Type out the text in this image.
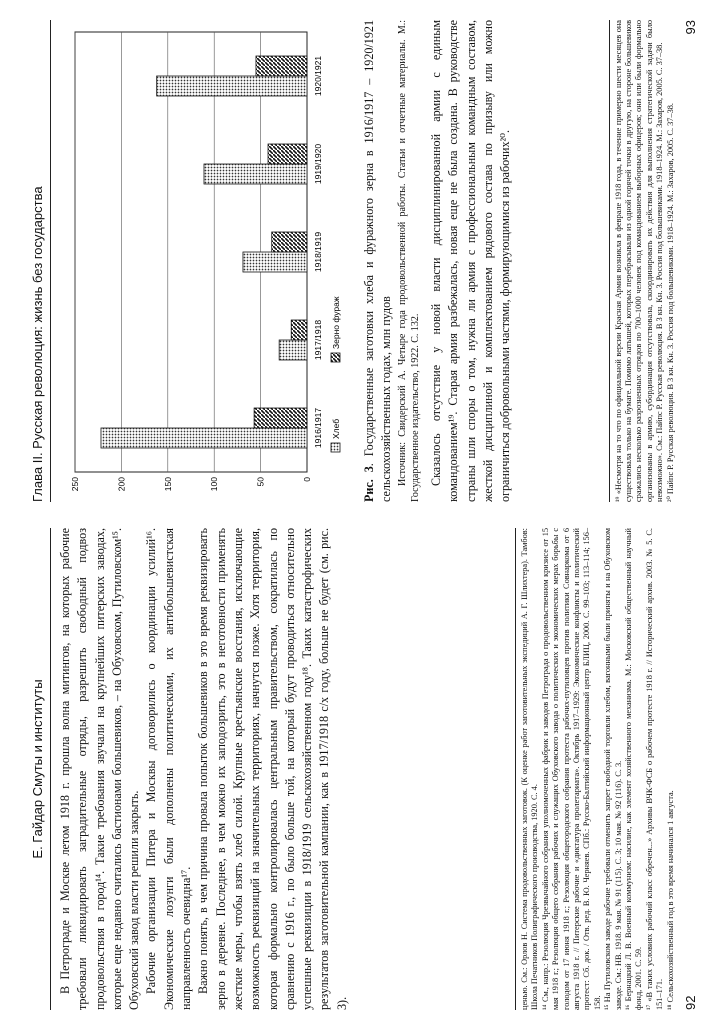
Е. Гайдар Смуты и институты	В Петрограде и Москве летом 1918 г. прошла волна митингов, на которых рабочие требовали ликвидировать заградительные отряды, разрешить свободный подвоз продовольствия в город¹⁴. Такие требования звучали на крупнейших питерских заводах, которые еще недавно считались бастионами большевиков, – на Обуховском, Путиловском¹⁵. Обуховский завод власти решили закрыть. Рабочие организации Питера и Москвы договорились о координации усилий¹⁶. Экономические лозунги были дополнены политическими, их антибольшевистская направленность очевидна¹⁷. Важно понять, в чем причина провала попыток большевиков в это время реквизировать зерно в деревне. Последнее, в чем можно их заподозрить, это в неготовности применять жесткие меры, чтобы взять хлеб силой. Крупные крестьянские восстания, исключающие возможность реквизиций на значительных территориях, начнутся позже. Хотя территория, которая формально контролировалась центральным правительством, сократилась по сравнению с 1916 г., по было больше той, на который будут проводиться относительно успешные реквизиции в 1918/1919 сельскохозяйственном году¹⁸. Таких катастрофических результатов заготовительной кампании, как в 1917/1918 с/х году, больше не будет (см. рис. 3).	ценью. См.: Орлов Н. Система продовольственных заготовок. (К оценке работ заготовительных экспедиций А. Г. Шлихтера). Тамбов: Школа Печатников Полиграфического производства, 1920. С. 4. ¹⁴ См., напр.: Резолюция Чрезвычайного собрания уполномоченных фабрик и заводов Петрограда о продовольственном кризисе от 15 мая 1918 г.; Резолюция общего собрания рабочих и служащих Обуховского завода о политических и экономических мерах борьбы с голодом от 17 июня 1918 г.; Резолюция общегородского собрания протеста рабочих-путиловцев против политики Совнаркома от 6 августа 1918 г. // Питерские рабочие и «диктатура пролетариата». Октябрь 1917–1929: Экономические конфликты и политический протест: Сб. док. / Отв. ред. В. Ю. Черняев. СПб.: Русско-Балтийский информационный центр БЛИЦ, 2000. С. 99–103; 113–114; 156–158. ¹⁵ На Путиловском заводе рабочие требовали отменить запрет свободной торговли хлебом, вагонными были приняты и на Обуховском заводе. См.: НВ. 1918. 9 мая. № 91 (115). С. 3; 10 мая. № 92 (116). С. 3. ¹⁶ Бернацкий Л. В. Военный коммунизм: насилие, как элемент хозяйственного механизма. М.: Московский общественный научный фонд, 2001. С. 59. ¹⁷ «В таких условиях рабочий класс обречен...» Архивы ВЧК-ФСБ о рабочем протесте 1918 г. // Исторический архив. 2003. № 5. С. 151–171. ¹⁸ Сельскохозяйственный год в это время начинался 1 августа. 92
Глава II. Русская революция: жизнь без государства	0
50
100
150
200
250
1916/1917
1917/1918
1918/1919
1919/1920
1920/1921
Хлеб
Зерно фураж
Рис. 3. Государственные заготовки хлеба и фуражного зерна в 1916/1917 – 1920/1921 сельскохозяйственных годах, млн пудов Источник: Свидерский А. Четыре года продовольственной работы. Статьи и отчетные материалы. М.: Государственное издательство, 1922. С. 132. Сказалось отсутствие у новой власти дисциплинированной армии с единым командованием¹⁹. Старая армия разбежалась, новая еще не была создана. В руководстве страны шли споры о том, нужна ли армия с профессиональным командным составом, жесткой дисциплиной и комплектованием рядового состава по призыву или можно ограничиться добровольными частями, формирующимися из рабочих²⁰.	¹⁹ «Несмотря на то что по официальной версии Красная Армия возникла в феврале 1918 года, в течение примерно шести месяцев она существовала только на бумаге. Помимо латышей, которых перебрасывали из одной горячей точки в другую, на стороне большевиков сражались несколько разрозненных отрядов по 700–1000 человек под командованием выборных офицеров; они или были формально организованы в армию, субординация отсутствовала, скоординировать их действия для выполнения стратегической задачи было невозможно». См.: Пайпс Р. Русская революция. В 3 кн. Кн. 3. Россия под большевиками. 1918–1924. М.: Захаров, 2005. С. 37–38. ²⁰ Пайпс Р. Русская революция. В 3 кн. Кн. 3. Россия под большевиками. 1918–1924. М.: Захаров, 2005. С. 37–38.

93
